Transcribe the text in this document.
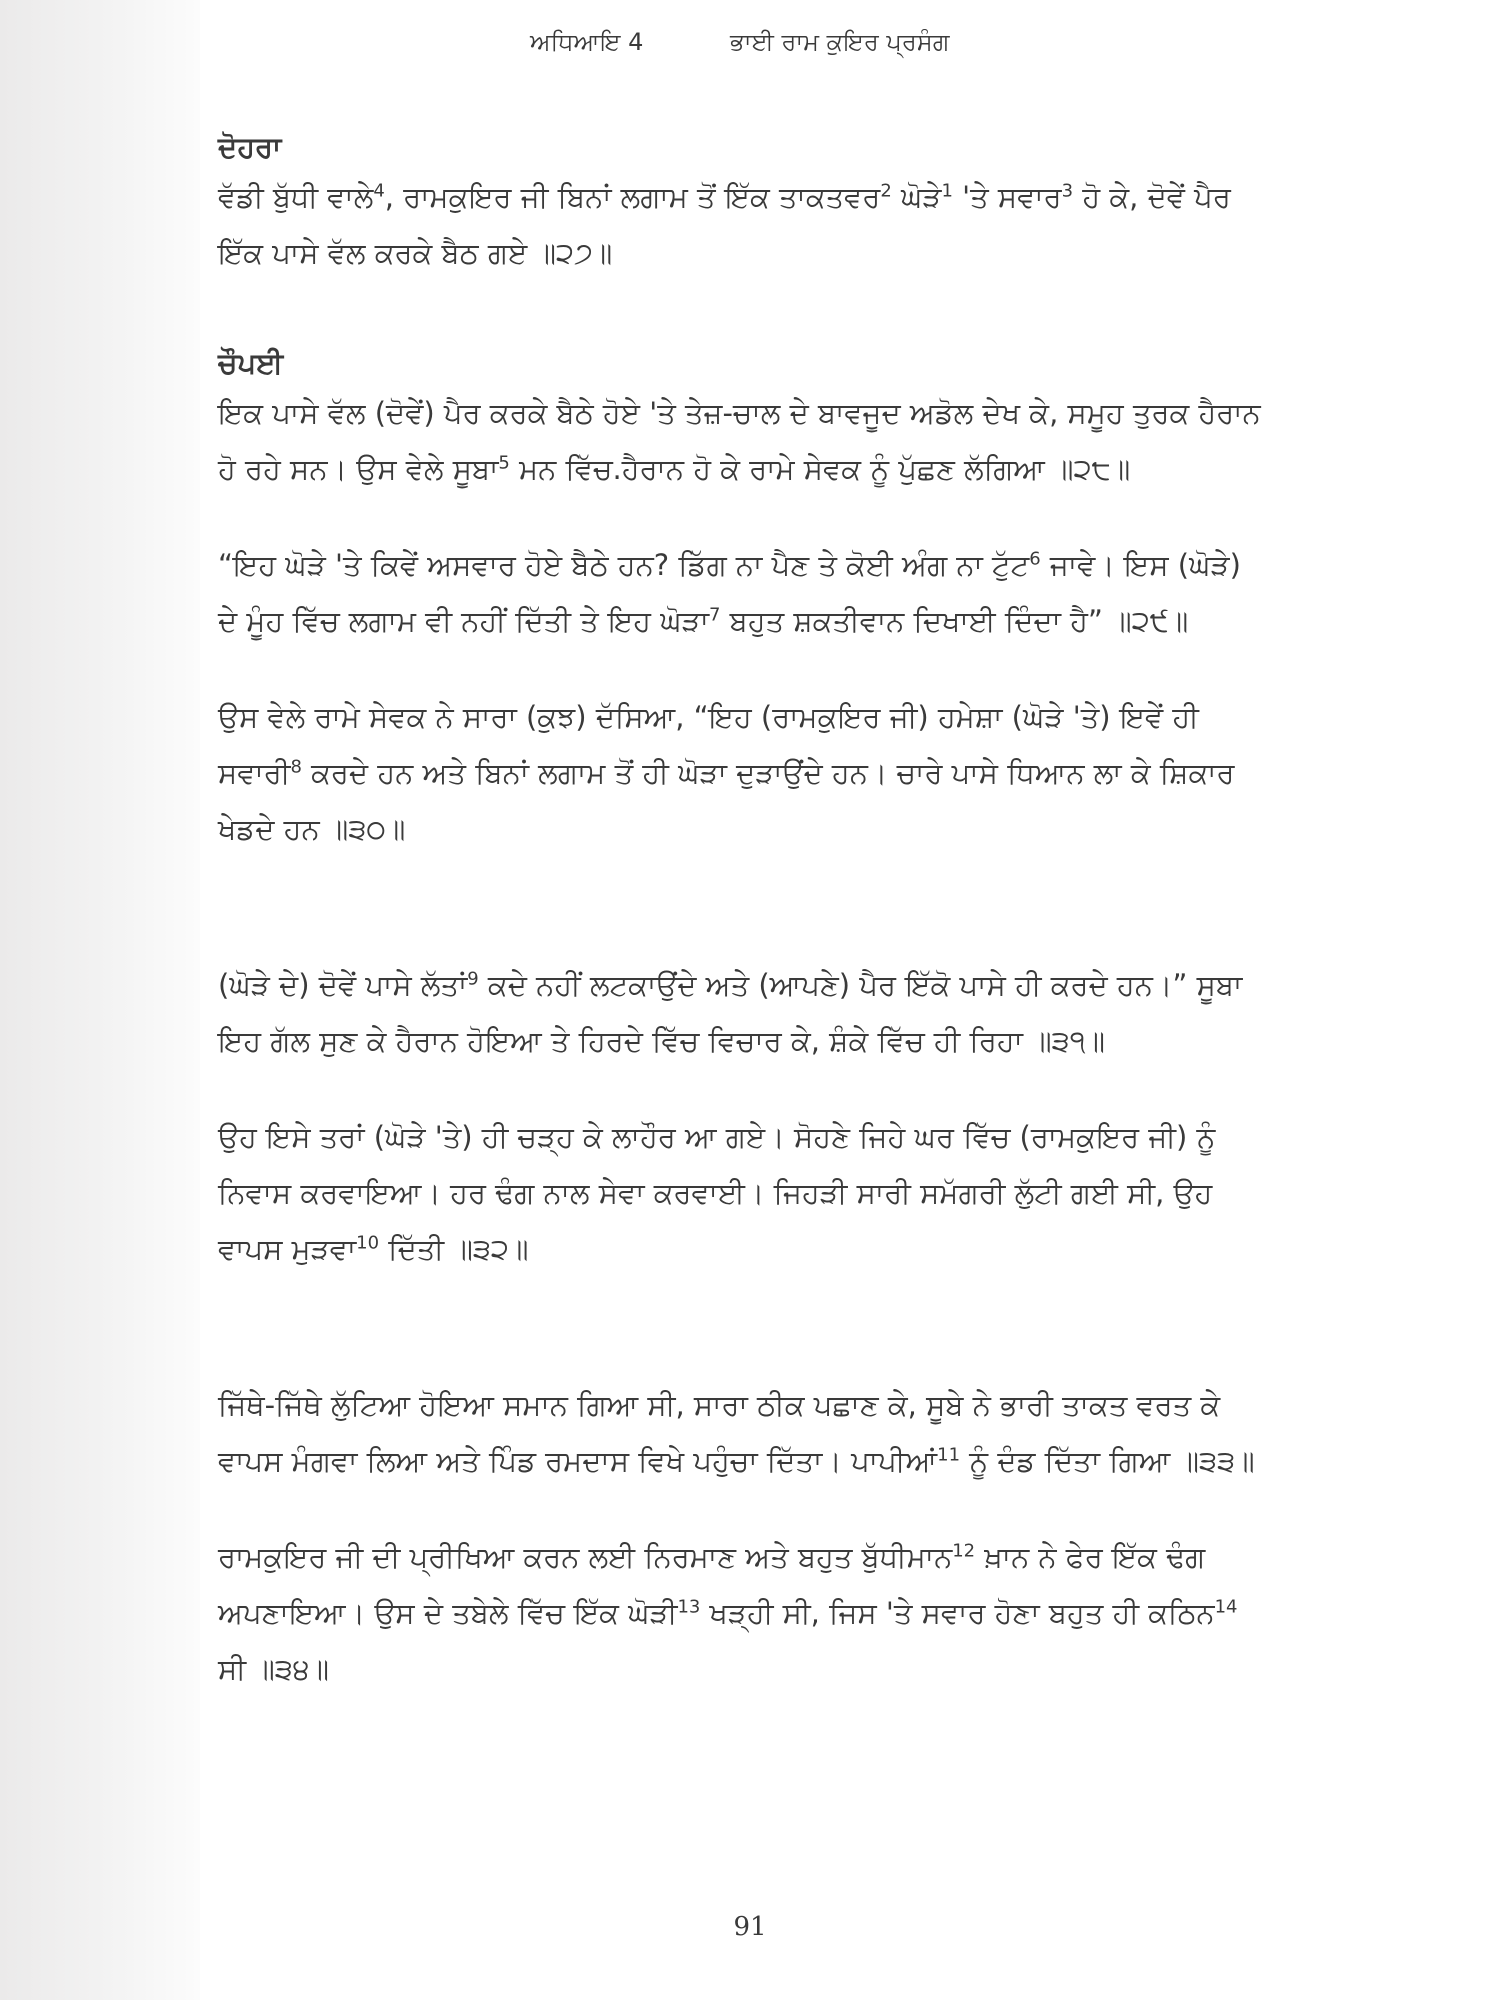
ਅਧਿਆਇ 4	ਭਾਈ ਰਾਮ ਕੁਇਰ ਪ੍ਰਸੰਗ

ਦੋਹਰਾ

ਵੱਡੀ ਬੁੱਧੀ ਵਾਲੇ$^4$, ਰਾਮਕੁਇਰ ਜੀ ਬਿਨਾਂ ਲਗਾਮ ਤੋਂ ਇੱਕ ਤਾਕਤਵਰ$^2$ ਘੋੜੇ$^1$ 'ਤੇ ਸਵਾਰ$^3$ ਹੋ ਕੇ, ਦੋਵੇਂ ਪੈਰ ਇੱਕ ਪਾਸੇ ਵੱਲ ਕਰਕੇ ਬੈਠ ਗਏ ॥੨੭॥

ਚੌਪਈ

ਇਕ ਪਾਸੇ ਵੱਲ (ਦੋਵੇਂ) ਪੈਰ ਕਰਕੇ ਬੈਠੇ ਹੋਏ 'ਤੇ ਤੇਜ਼-ਚਾਲ ਦੇ ਬਾਵਜੂਦ ਅਡੋਲ ਦੇਖ ਕੇ, ਸਮੂਹ ਤੁਰਕ ਹੈਰਾਨ ਹੋ ਰਹੇ ਸਨ। ਉਸ ਵੇਲੇ ਸੂਬਾ$^5$ ਮਨ ਵਿੱਚ.ਹੈਰਾਨ ਹੋ ਕੇ ਰਾਮੇ ਸੇਵਕ ਨੂੰ ਪੁੱਛਣ ਲੱਗਿਆ ॥੨੮॥

“ਇਹ ਘੋੜੇ 'ਤੇ ਕਿਵੇਂ ਅਸਵਾਰ ਹੋਏ ਬੈਠੇ ਹਨ? ਡਿੱਗ ਨਾ ਪੈਣ ਤੇ ਕੋਈ ਅੰਗ ਨਾ ਟੁੱਟ$^6$ ਜਾਵੇ। ਇਸ (ਘੋੜੇ) ਦੇ ਮੂੰਹ ਵਿੱਚ ਲਗਾਮ ਵੀ ਨਹੀਂ ਦਿੱਤੀ ਤੇ ਇਹ ਘੋੜਾ$^7$ ਬਹੁਤ ਸ਼ਕਤੀਵਾਨ ਦਿਖਾਈ ਦਿੰਦਾ ਹੈ” ॥੨੯॥

ਉਸ ਵੇਲੇ ਰਾਮੇ ਸੇਵਕ ਨੇ ਸਾਰਾ (ਕੁਝ) ਦੱਸਿਆ, “ਇਹ (ਰਾਮਕੁਇਰ ਜੀ) ਹਮੇਸ਼ਾ (ਘੋੜੇ 'ਤੇ) ਇਵੇਂ ਹੀ ਸਵਾਰੀ$^8$ ਕਰਦੇ ਹਨ ਅਤੇ ਬਿਨਾਂ ਲਗਾਮ ਤੋਂ ਹੀ ਘੋੜਾ ਦੁੜਾਉਂਦੇ ਹਨ। ਚਾਰੇ ਪਾਸੇ ਧਿਆਨ ਲਾ ਕੇ ਸ਼ਿਕਾਰ ਖੇਡਦੇ ਹਨ ॥੩੦॥

(ਘੋੜੇ ਦੇ) ਦੋਵੇਂ ਪਾਸੇ ਲੱਤਾਂ$^9$ ਕਦੇ ਨਹੀਂ ਲਟਕਾਉਂਦੇ ਅਤੇ (ਆਪਣੇ) ਪੈਰ ਇੱਕੋ ਪਾਸੇ ਹੀ ਕਰਦੇ ਹਨ।” ਸੂਬਾ ਇਹ ਗੱਲ ਸੁਣ ਕੇ ਹੈਰਾਨ ਹੋਇਆ ਤੇ ਹਿਰਦੇ ਵਿੱਚ ਵਿਚਾਰ ਕੇ, ਸ਼ੰਕੇ ਵਿੱਚ ਹੀ ਰਿਹਾ ॥੩੧॥

ਉਹ ਇਸੇ ਤਰਾਂ (ਘੋੜੇ 'ਤੇ) ਹੀ ਚੜ੍ਹ ਕੇ ਲਾਹੌਰ ਆ ਗਏ। ਸੋਹਣੇ ਜਿਹੇ ਘਰ ਵਿੱਚ (ਰਾਮਕੁਇਰ ਜੀ) ਨੂੰ ਨਿਵਾਸ ਕਰਵਾਇਆ। ਹਰ ਢੰਗ ਨਾਲ ਸੇਵਾ ਕਰਵਾਈ। ਜਿਹੜੀ ਸਾਰੀ ਸਮੱਗਰੀ ਲੁੱਟੀ ਗਈ ਸੀ, ਉਹ ਵਾਪਸ ਮੁੜਵਾ$^{10}$ ਦਿੱਤੀ ॥੩੨॥

ਜਿੱਥੇ-ਜਿੱਥੇ ਲੁੱਟਿਆ ਹੋਇਆ ਸਮਾਨ ਗਿਆ ਸੀ, ਸਾਰਾ ਠੀਕ ਪਛਾਣ ਕੇ, ਸੂਬੇ ਨੇ ਭਾਰੀ ਤਾਕਤ ਵਰਤ ਕੇ ਵਾਪਸ ਮੰਗਵਾ ਲਿਆ ਅਤੇ ਪਿੰਡ ਰਮਦਾਸ ਵਿਖੇ ਪਹੁੰਚਾ ਦਿੱਤਾ। ਪਾਪੀਆਂ$^{11}$ ਨੂੰ ਦੰਡ ਦਿੱਤਾ ਗਿਆ ॥੩੩॥

ਰਾਮਕੁਇਰ ਜੀ ਦੀ ਪ੍ਰੀਖਿਆ ਕਰਨ ਲਈ ਨਿਰਮਾਣ ਅਤੇ ਬਹੁਤ ਬੁੱਧੀਮਾਨ$^{12}$ ਖ਼ਾਨ ਨੇ ਫੇਰ ਇੱਕ ਢੰਗ ਅਪਣਾਇਆ। ਉਸ ਦੇ ਤਬੇਲੇ ਵਿੱਚ ਇੱਕ ਘੋੜੀ$^{13}$ ਖੜ੍ਹੀ ਸੀ, ਜਿਸ 'ਤੇ ਸਵਾਰ ਹੋਣਾ ਬਹੁਤ ਹੀ ਕਠਿਨ$^{14}$ ਸੀ ॥੩੪॥

91
